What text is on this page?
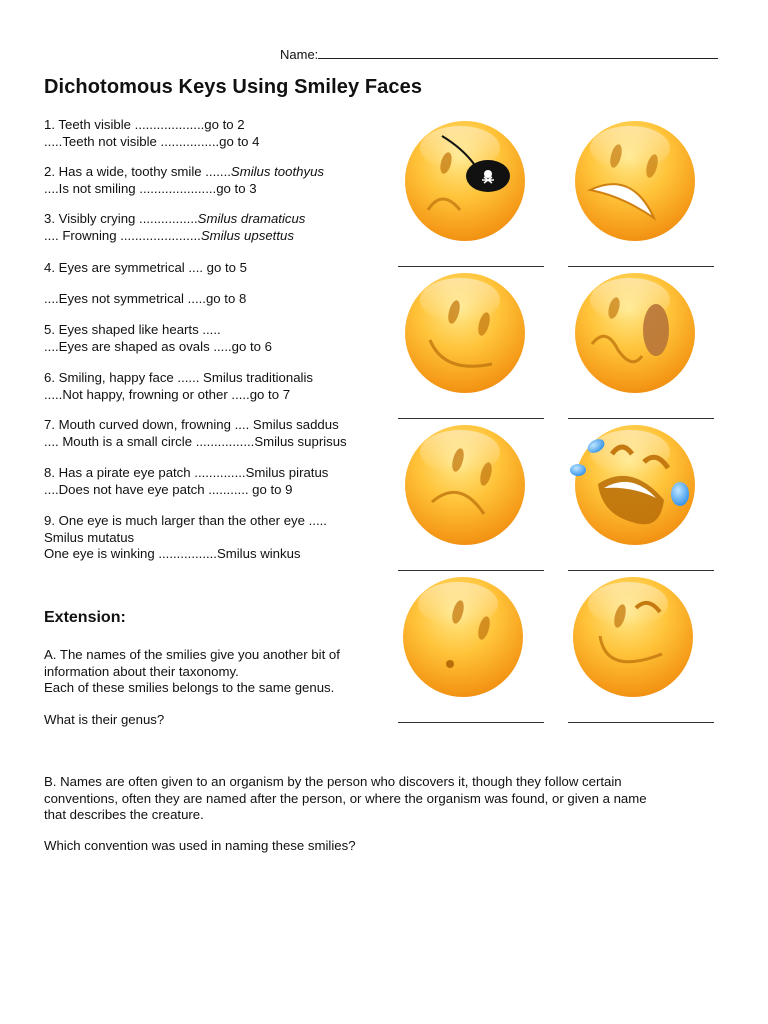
Name:
Dichotomous Keys Using Smiley Faces
1. Teeth visible ...................go to 2
.....Teeth not visible ................go to 4
2. Has a wide, toothy smile .......Smilus toothyus
....Is not smiling .....................go to 3
3. Visibly crying ................Smilus dramaticus
.... Frowning ......................Smilus upsettus
4. Eyes are symmetrical .... go to 5
....Eyes not symmetrical .....go to 8
5. Eyes shaped like hearts .....
....Eyes are shaped as ovals .....go to 6
6. Smiling, happy face ...... Smilus traditionalis
.....Not happy, frowning or other .....go to 7
7. Mouth curved down, frowning .... Smilus saddus
.... Mouth is a small circle ................Smilus suprisus
8. Has a pirate eye patch ..............Smilus piratus
....Does not have eye patch ........... go to 9
9. One eye is much larger than the other eye .....
Smilus mutatus
One eye is winking ................Smilus winkus
Extension:
A. The names of the smilies give you another bit of
information about their taxonomy.
Each of these smilies belongs to the same genus.
What is their genus?
B. Names are often given to an organism by the person who discovers it, though they follow certain
conventions, often they are named after the person, or where the organism was found, or given a name
that describes the creature.
Which convention was used in naming these smilies?
